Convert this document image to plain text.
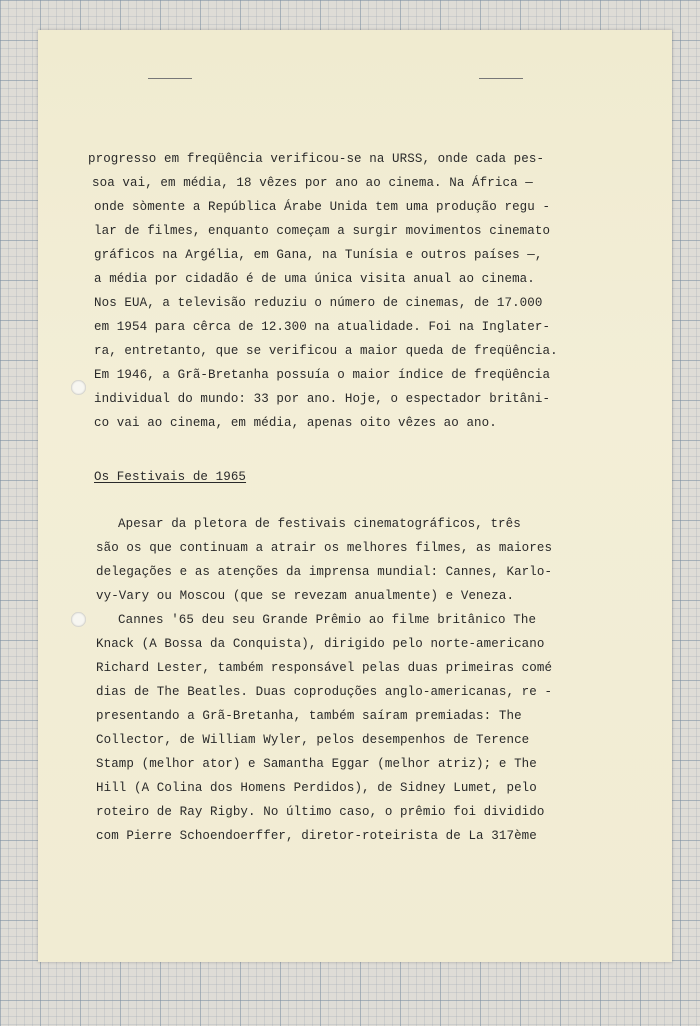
progresso em freqüência verificou-se na URSS, onde cada pes-
soa vai, em média, 18 vêzes por ano ao cinema. Na África —
onde sòmente a República Árabe Unida tem uma produção regu -
lar de filmes, enquanto começam a surgir movimentos cinemato
gráficos na Argélia, em Gana, na Tunísia e outros países —,
a média por cidadão é de uma única visita anual ao cinema.
Nos EUA, a televisão reduziu o número de cinemas, de 17.000
em 1954 para cêrca de 12.300 na atualidade. Foi na Inglater-
ra, entretanto, que se verificou a maior queda de freqüência.
Em 1946, a Grã-Bretanha possuía o maior índice de freqüência
individual do mundo: 33 por ano. Hoje, o espectador britâni-
co vai ao cinema, em média, apenas oito vêzes ao ano.
Os Festivais de 1965
Apesar da pletora de festivais cinematográficos, três
são os que continuam a atrair os melhores filmes, as maiores
delegações e as atenções da imprensa mundial: Cannes, Karlo-
vy-Vary ou Moscou (que se revezam anualmente) e Veneza.
Cannes '65 deu seu Grande Prêmio ao filme britânico The
Knack (A Bossa da Conquista), dirigido pelo norte-americano
Richard Lester, também responsável pelas duas primeiras comé
dias de The Beatles. Duas coproduções anglo-americanas, re -
presentando a Grã-Bretanha, também saíram premiadas: The
Collector, de William Wyler, pelos desempenhos de Terence
Stamp (melhor ator) e Samantha Eggar (melhor atriz); e The
Hill (A Colina dos Homens Perdidos), de Sidney Lumet, pelo
roteiro de Ray Rigby. No último caso, o prêmio foi dividido
com Pierre Schoendoerffer, diretor-roteirista de La 317ème
